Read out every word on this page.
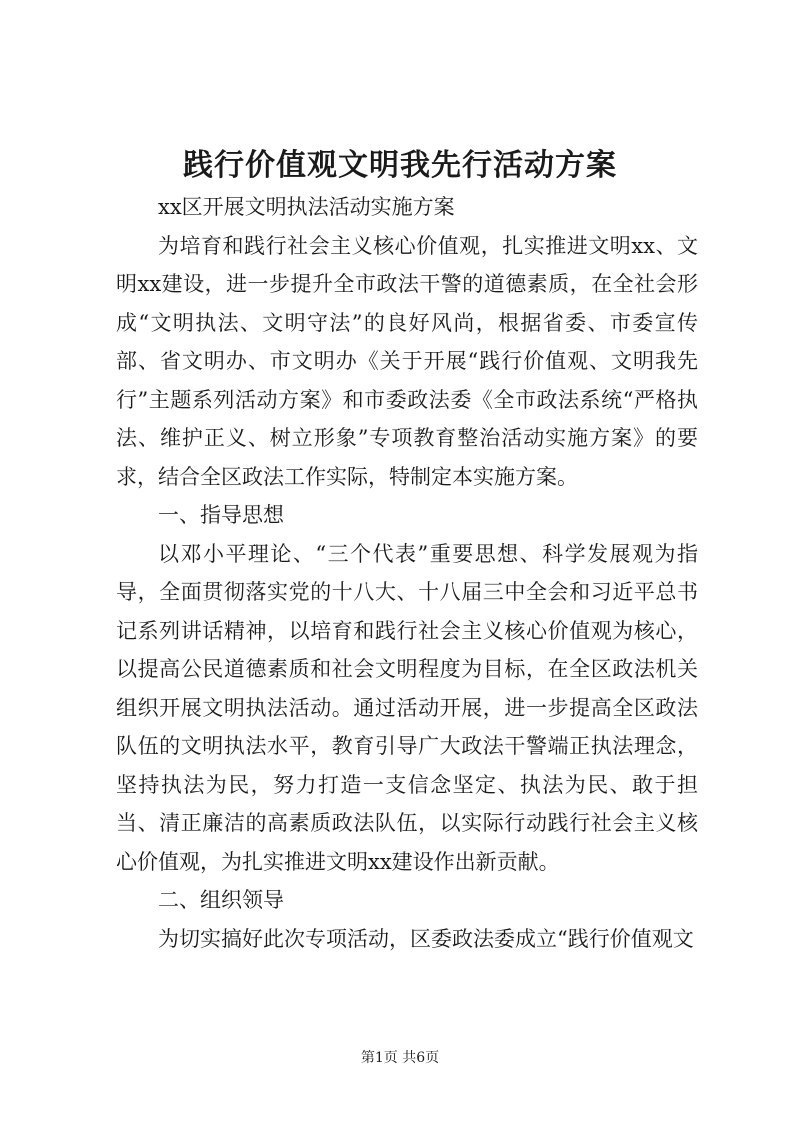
践行价值观文明我先行活动方案

xx区开展文明执法活动实施方案

为培育和践行社会主义核心价值观，扎实推进文明xx、文明xx建设，进一步提升全市政法干警的道德素质，在全社会形成“文明执法、文明守法”的良好风尚，根据省委、市委宣传部、省文明办、市文明办《关于开展“践行价值观、文明我先行”主题系列活动方案》和市委政法委《全市政法系统“严格执法、维护正义、树立形象”专项教育整治活动实施方案》的要求，结合全区政法工作实际，特制定本实施方案。

一、指导思想

以邓小平理论、“三个代表”重要思想、科学发展观为指导，全面贯彻落实党的十八大、十八届三中全会和习近平总书记系列讲话精神，以培育和践行社会主义核心价值观为核心，以提高公民道德素质和社会文明程度为目标，在全区政法机关组织开展文明执法活动。通过活动开展，进一步提高全区政法队伍的文明执法水平，教育引导广大政法干警端正执法理念，坚持执法为民，努力打造一支信念坚定、执法为民、敢于担当、清正廉洁的高素质政法队伍，以实际行动践行社会主义核心价值观，为扎实推进文明xx建设作出新贡献。

二、组织领导

为切实搞好此次专项活动，区委政法委成立“践行价值观文

第1页 共6页
